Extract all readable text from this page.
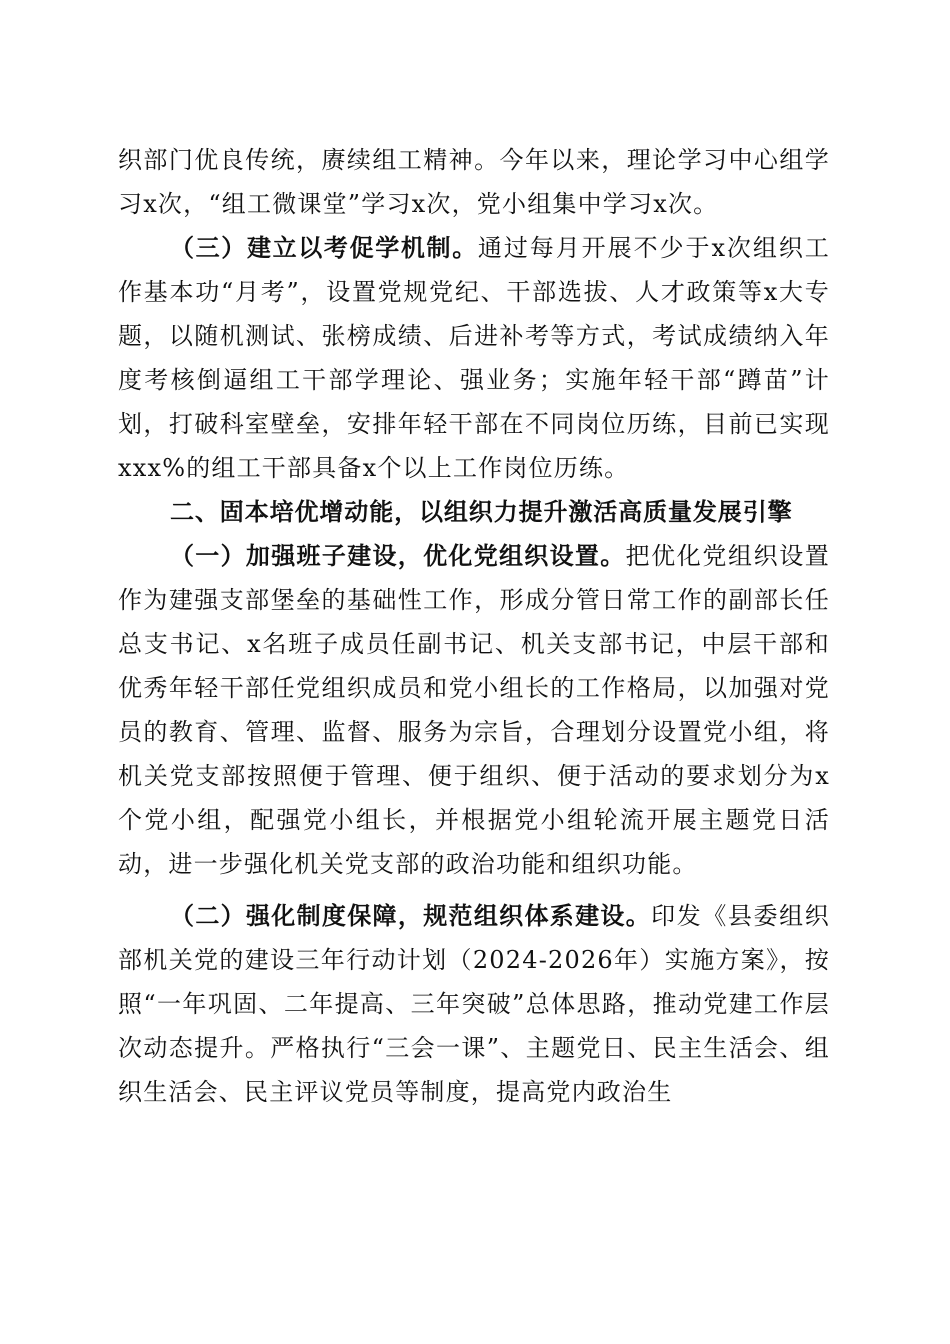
织部门优良传统，赓续组工精神。今年以来，理论学习中心组学习x次，“组工微课堂”学习x次，党小组集中学习x次。

（三）建立以考促学机制。通过每月开展不少于x次组织工作基本功“月考”，设置党规党纪、干部选拔、人才政策等x大专题，以随机测试、张榜成绩、后进补考等方式，考试成绩纳入年度考核倒逼组工干部学理论、强业务；实施年轻干部“蹲苗”计划，打破科室壁垒，安排年轻干部在不同岗位历练，目前已实现xxx%的组工干部具备x个以上工作岗位历练。

二、固本培优增动能，以组织力提升激活高质量发展引擎

（一）加强班子建设，优化党组织设置。把优化党组织设置作为建强支部堡垒的基础性工作，形成分管日常工作的副部长任总支书记、x名班子成员任副书记、机关支部书记，中层干部和优秀年轻干部任党组织成员和党小组长的工作格局，以加强对党员的教育、管理、监督、服务为宗旨，合理划分设置党小组，将机关党支部按照便于管理、便于组织、便于活动的要求划分为x个党小组，配强党小组长，并根据党小组轮流开展主题党日活动，进一步强化机关党支部的政治功能和组织功能。

（二）强化制度保障，规范组织体系建设。印发《县委组织部机关党的建设三年行动计划（2024-2026年）实施方案》，按照“一年巩固、二年提高、三年突破”总体思路，推动党建工作层次动态提升。严格执行“三会一课”、主题党日、民主生活会、组织生活会、民主评议党员等制度，提高党内政治生
